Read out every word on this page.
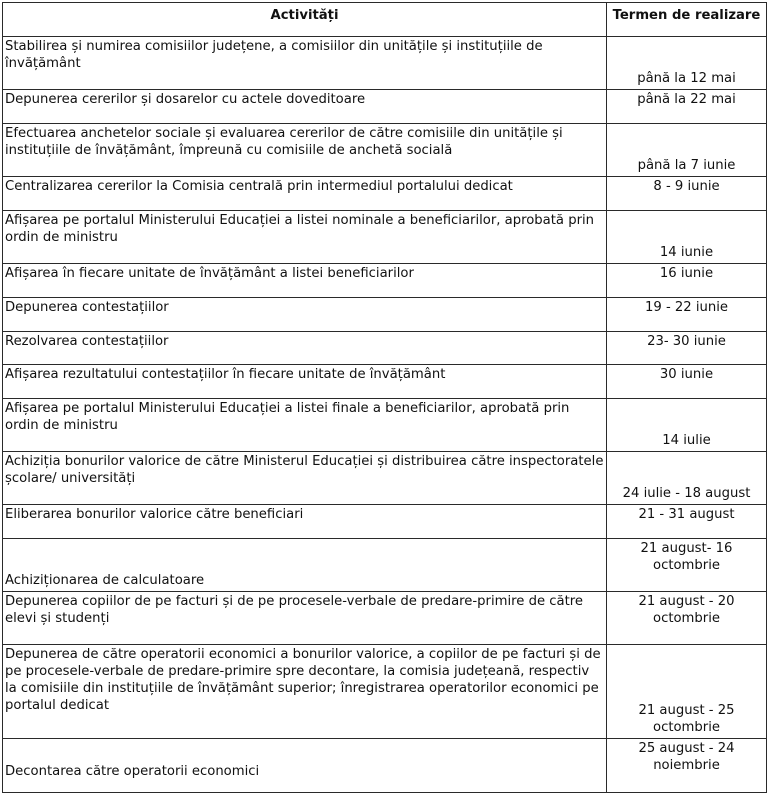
Activități	Termen de realizare
Stabilirea și numirea comisiilor județene, a comisiilor din unitățile și instituțiile de învățământ	până la 12 mai
Depunerea cererilor și dosarelor cu actele doveditoare	până la 22 mai
Efectuarea anchetelor sociale și evaluarea cererilor de către comisiile din unitățile și instituțiile de învățământ, împreună cu comisiile de anchetă socială	până la 7 iunie
Centralizarea cererilor la Comisia centrală prin intermediul portalului dedicat	8 - 9 iunie
Afișarea pe portalul Ministerului Educației a listei nominale a beneficiarilor, aprobată prin ordin de ministru	14 iunie
Afișarea în fiecare unitate de învățământ a listei beneficiarilor	16 iunie
Depunerea contestațiilor	19 - 22 iunie
Rezolvarea contestațiilor	23- 30 iunie
Afișarea rezultatului contestațiilor în fiecare unitate de învățământ	30 iunie
Afișarea pe portalul Ministerului Educației a listei finale a beneficiarilor, aprobată prin ordin de ministru	14 iulie
Achiziția bonurilor valorice de către Ministerul Educației și distribuirea către inspectoratele școlare/ universități	24 iulie - 18 august
Eliberarea bonurilor valorice către beneficiari	21 - 31 august
Achiziționarea de calculatoare	21 august- 16 octombrie
Depunerea copiilor de pe facturi și de pe procesele-verbale de predare-primire de către elevi și studenți	21 august - 20 octombrie
Depunerea de către operatorii economici a bonurilor valorice, a copiilor de pe facturi și de pe procesele-verbale de predare-primire spre decontare, la comisia județeană, respectiv la comisiile din instituțiile de învățământ superior; înregistrarea operatorilor economici pe portalul dedicat	21 august - 25 octombrie
Decontarea către operatorii economici	25 august - 24 noiembrie
